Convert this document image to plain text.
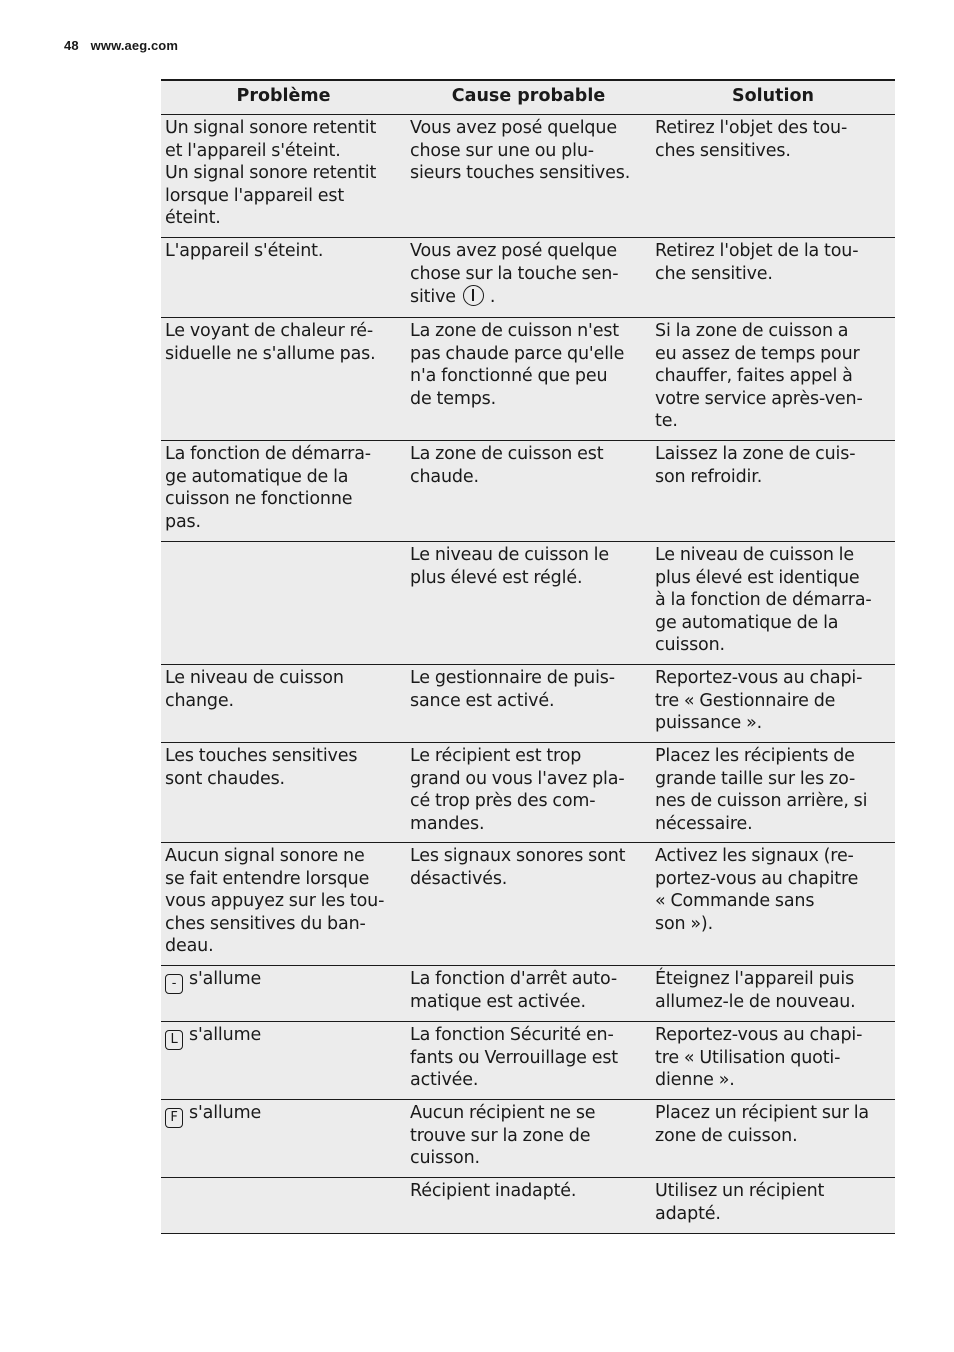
48 www.aeg.com
Problème	Cause probable	Solution

Un signal sonore retentit
et l'appareil s'éteint.
Un signal sonore retentit
lorsque l'appareil est
éteint.	Vous avez posé quelque
chose sur une ou plu-
sieurs touches sensitives.	Retirez l'objet des tou-
ches sensitives.

L'appareil s'éteint.	Vous avez posé quelque
chose sur la touche sen-
sitive .	Retirez l'objet de la tou-
che sensitive.

Le voyant de chaleur ré-
siduelle ne s'allume pas.	La zone de cuisson n'est
pas chaude parce qu'elle
n'a fonctionné que peu
de temps.	Si la zone de cuisson a
eu assez de temps pour
chauffer, faites appel à
votre service après-ven-
te.

La fonction de démarra-
ge automatique de la
cuisson ne fonctionne
pas.	La zone de cuisson est
chaude.	Laissez la zone de cuis-
son refroidir.

	Le niveau de cuisson le
plus élevé est réglé.	Le niveau de cuisson le
plus élevé est identique
à la fonction de démarra-
ge automatique de la
cuisson.

Le niveau de cuisson
change.	Le gestionnaire de puis-
sance est activé.	Reportez-vous au chapi-
tre « Gestionnaire de
puissance ».

Les touches sensitives
sont chaudes.	Le récipient est trop
grand ou vous l'avez pla-
cé trop près des com-
mandes.	Placez les récipients de
grande taille sur les zo-
nes de cuisson arrière, si
nécessaire.

Aucun signal sonore ne
se fait entendre lorsque
vous appuyez sur les tou-
ches sensitives du ban-
deau.	Les signaux sonores sont
désactivés.	Activez les signaux (re-
portez-vous au chapitre
« Commande sans
son »).

- s'allume	La fonction d'arrêt auto-
matique est activée.	Éteignez l'appareil puis
allumez-le de nouveau.

L s'allume	La fonction Sécurité en-
fants ou Verrouillage est
activée.	Reportez-vous au chapi-
tre « Utilisation quoti-
dienne ».

F s'allume	Aucun récipient ne se
trouve sur la zone de
cuisson.	Placez un récipient sur la
zone de cuisson.

	Récipient inadapté.	Utilisez un récipient
adapté.
